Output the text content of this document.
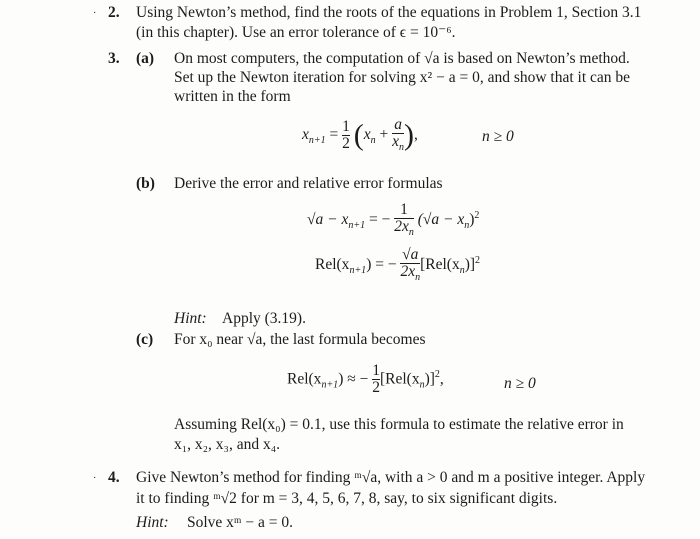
· 2. Using Newton’s method, find the roots of the equations in Problem 1, Section 3.1
(in this chapter). Use an error tolerance of ϵ = 10⁻⁶.
3. (a) On most computers, the computation of √a is based on Newton’s method.
Set up the Newton iteration for solving x² − a = 0, and show that it can be
written in the form
$x_{n+1} = \frac{1}{2} (x_n + \frac{a}{x_n}$ ),	n ≥ 0
(b) Derive the error and relative error formulas
$√a - x_{n+1}$ = − $\frac{1}{2x_n} (√a - x_n)^2$
$Rel(x_{n+1})$ = − $\frac{√a}{2x_n} [Rel(x_n)]^2$
Hint: Apply (3.19).
(c) For x₀ near √a, the last formula becomes
$Rel(x_{n+1})$ ≈ − $\frac{1}{2} [Rel(x_n)]^2$,	n ≥ 0
Assuming Rel(x₀) = 0.1, use this formula to estimate the relative error in
x₁, x₂, x₃, and x₄.
· 4. Give Newton’s method for finding ᵐ√a, with a > 0 and m a positive integer. Apply
it to finding ᵐ√2 for m = 3, 4, 5, 6, 7, 8, say, to six significant digits.
Hint: Solve xᵐ − a = 0.
